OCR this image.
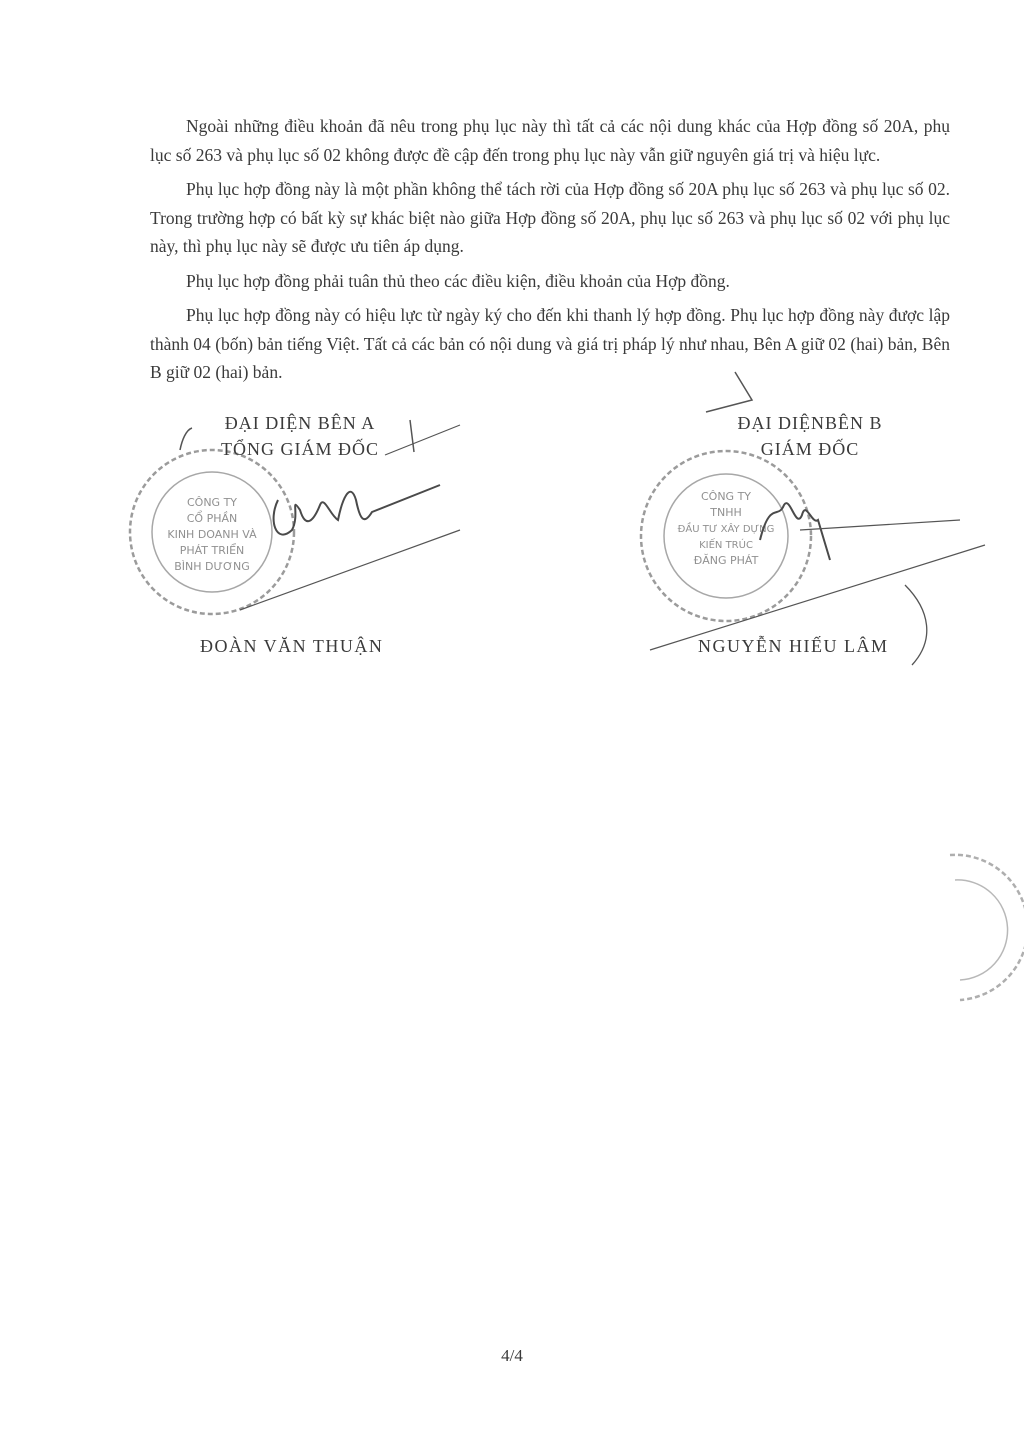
Ngoài những điều khoản đã nêu trong phụ lục này thì tất cả các nội dung khác của Hợp đồng số 20A, phụ lục số 263 và phụ lục số 02 không được đề cập đến trong phụ lục này vẫn giữ nguyên giá trị và hiệu lực.

Phụ lục hợp đồng này là một phần không thể tách rời của Hợp đồng số 20A phụ lục số 263 và phụ lục số 02. Trong trường hợp có bất kỳ sự khác biệt nào giữa Hợp đồng số 20A, phụ lục số 263 và phụ lục số 02 với phụ lục này, thì phụ lục này sẽ được ưu tiên áp dụng.

Phụ lục hợp đồng phải tuân thủ theo các điều kiện, điều khoản của Hợp đồng.

Phụ lục hợp đồng này có hiệu lực từ ngày ký cho đến khi thanh lý hợp đồng. Phụ lục hợp đồng này được lập thành 04 (bốn) bản tiếng Việt. Tất cả các bản có nội dung và giá trị pháp lý như nhau, Bên A giữ 02 (hai) bản, Bên B giữ 02 (hai) bản.

CÔNG TY
CỔ PHẦN
KINH DOANH VÀ
PHÁT TRIỂN
BÌNH DƯƠNG
CÔNG TY
TNHH
ĐẦU TƯ XÂY DỰNG
KIẾN TRÚC
ĐĂNG PHÁT
ĐẠI DIỆN BÊN A
TỔNG GIÁM ĐỐC
ĐẠI DIỆNBÊN B
GIÁM ĐỐC
ĐOÀN VĂN THUẬN	NGUYỄN HIẾU LÂM
4/4
